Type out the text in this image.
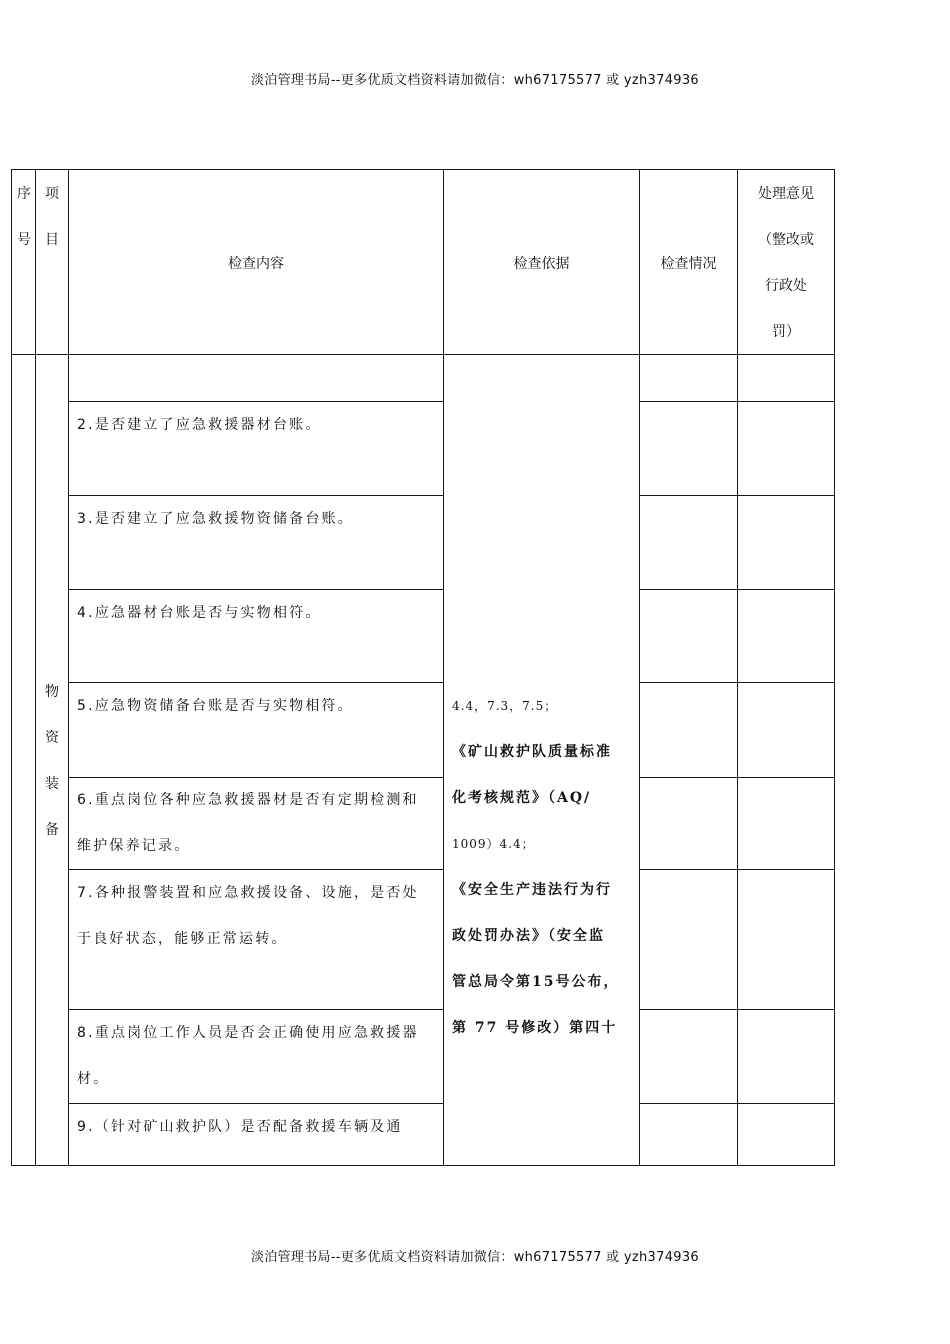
淡泊管理书局--更多优质文档资料请加微信：wh67175577 或 yzh374936
序
号
项
目
检查内容	检查依据	检查情况
处理意见
（整改或
行政处
罚）
物
资
装
备
2.是否建立了应急救援器材台账。
3.是否建立了应急救援物资储备台账。
4.应急器材台账是否与实物相符。
5.应急物资储备台账是否与实物相符。
6.重点岗位各种应急救援器材是否有定期检测和
维护保养记录。
7.各种报警装置和应急救援设备、设施，是否处
于良好状态，能够正常运转。
8.重点岗位工作人员是否会正确使用应急救援器
材。
9.（针对矿山救护队）是否配备救援车辆及通
4.4，7.3，7.5；
《矿山救护队质量标准
化考核规范》（AQ/
1009）4.4；
《安全生产违法行为行
政处罚办法》（安全监
管总局令第15号公布，
第 77 号修改）第四十
淡泊管理书局--更多优质文档资料请加微信：wh67175577 或 yzh374936
